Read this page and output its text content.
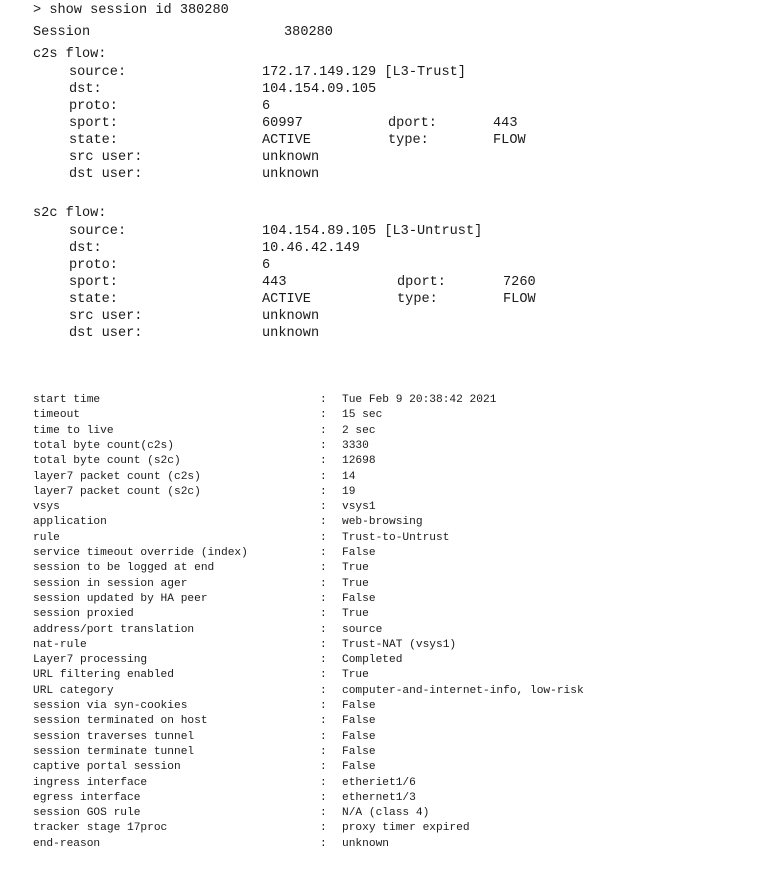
> show session id 380280
Session	380280
c2s flow:
source:	172.17.149.129 [L3-Trust]
dst:	104.154.09.105
proto:	6
sport:	60997	dport:	443
state:	ACTIVE	type:	FLOW
src user:	unknown
dst user:	unknown
s2c flow:
source:	104.154.89.105 [L3-Untrust]
dst:	10.46.42.149
proto:	6
sport:	443	dport:	7260
state:	ACTIVE	type:	FLOW
src user:	unknown
dst user:	unknown
start time	: Tue Feb 9 20:38:42 2021
timeout	: 15 sec
time to live	: 2 sec
total byte count(c2s)	: 3330
total byte count (s2c)	: 12698
layer7 packet count (c2s)	: 14
layer7 packet count (s2c)	: 19
vsys	: vsys1
application	: web-browsing
rule	: Trust-to-Untrust
service timeout override (index)	: False
session to be logged at end	: True
session in session ager	: True
session updated by HA peer	: False
session proxied	: True
address/port translation	: source
nat-rule	: Trust-NAT (vsys1)
Layer7 processing	: Completed
URL filtering enabled	: True
URL category	: computer-and-internet-info, low-risk
session via syn-cookies	: False
session terminated on host	: False
session traverses tunnel	: False
session terminate tunnel	: False
captive portal session	: False
ingress interface	: etheriet1/6
egress interface	: ethernet1/3
session GOS rule	: N/A (class 4)
tracker stage 17proc	: proxy timer expired
end-reason	: unknown
